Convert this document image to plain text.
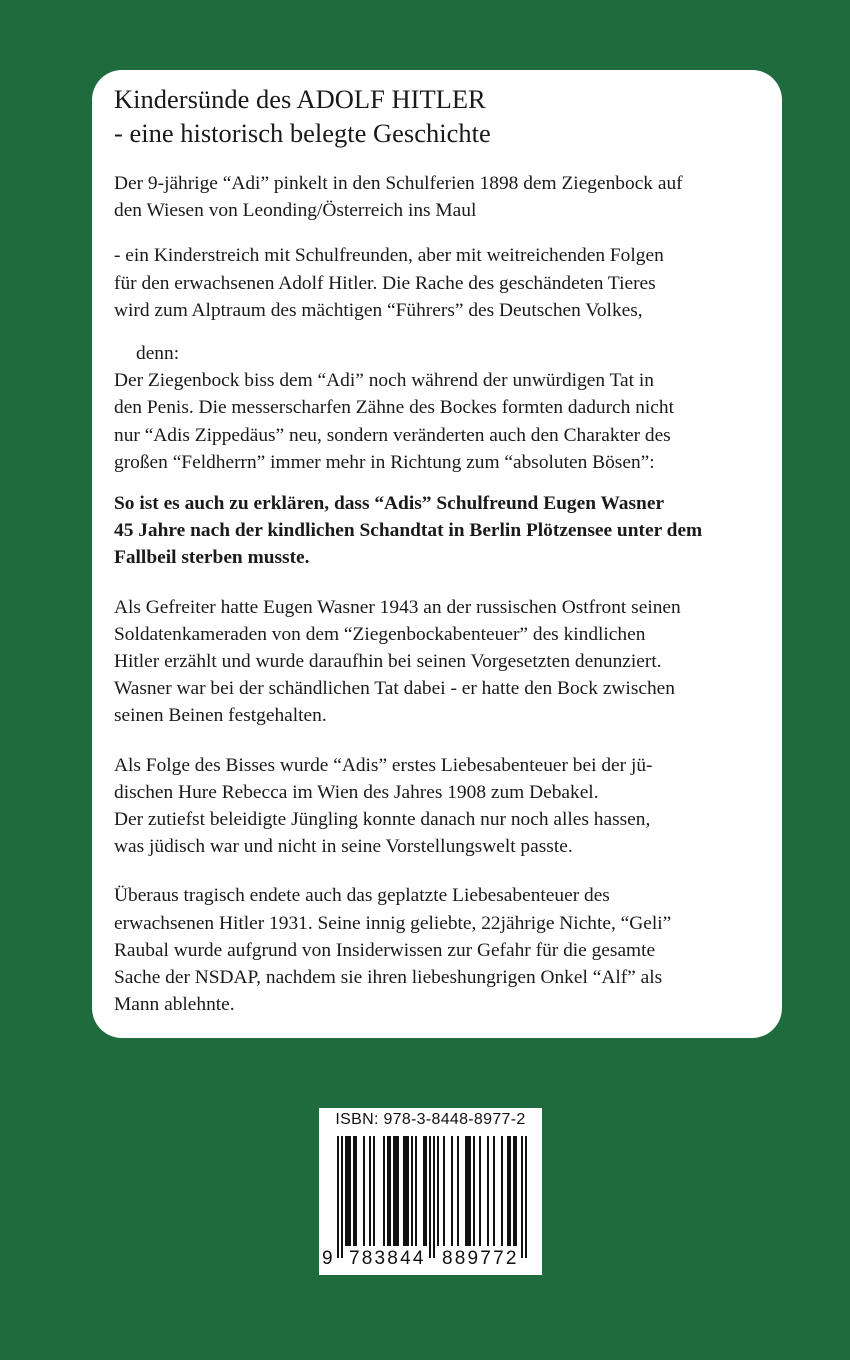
Kindersünde des ADOLF HITLER
- eine historisch belegte Geschichte

Der 9-jährige “Adi” pinkelt in den Schulferien 1898 dem Ziegenbock auf
den Wiesen von Leonding/Österreich ins Maul

- ein Kinderstreich mit Schulfreunden, aber mit weitreichenden Folgen
für den erwachsenen Adolf Hitler. Die Rache des geschändeten Tieres
wird zum Alptraum des mächtigen “Führers” des Deutschen Volkes,

denn:
Der Ziegenbock biss dem “Adi” noch während der unwürdigen Tat in
den Penis. Die messerscharfen Zähne des Bockes formten dadurch nicht
nur “Adis Zippedäus” neu, sondern veränderten auch den Charakter des
großen “Feldherrn” immer mehr in Richtung zum “absoluten Bösen”:

So ist es auch zu erklären, dass “Adis” Schulfreund Eugen Wasner
45 Jahre nach der kindlichen Schandtat in Berlin Plötzensee unter dem
Fallbeil sterben musste.

Als Gefreiter hatte Eugen Wasner 1943 an der russischen Ostfront seinen
Soldatenkameraden von dem “Ziegenbockabenteuer” des kindlichen
Hitler erzählt und wurde daraufhin bei seinen Vorgesetzten denunziert.
Wasner war bei der schändlichen Tat dabei - er hatte den Bock zwischen
seinen Beinen festgehalten.

Als Folge des Bisses wurde “Adis” erstes Liebesabenteuer bei der jü-
dischen Hure Rebecca im Wien des Jahres 1908 zum Debakel.
Der zutiefst beleidigte Jüngling konnte danach nur noch alles hassen,
was jüdisch war und nicht in seine Vorstellungswelt passte.

Überaus tragisch endete auch das geplatzte Liebesabenteuer des
erwachsenen Hitler 1931. Seine innig geliebte, 22jährige Nichte, “Geli”
Raubal wurde aufgrund von Insiderwissen zur Gefahr für die gesamte
Sache der NSDAP, nachdem sie ihren liebeshungrigen Onkel “Alf” als
Mann ablehnte.

ISBN: 978-3-8448-8977-2
9 783844 889772
